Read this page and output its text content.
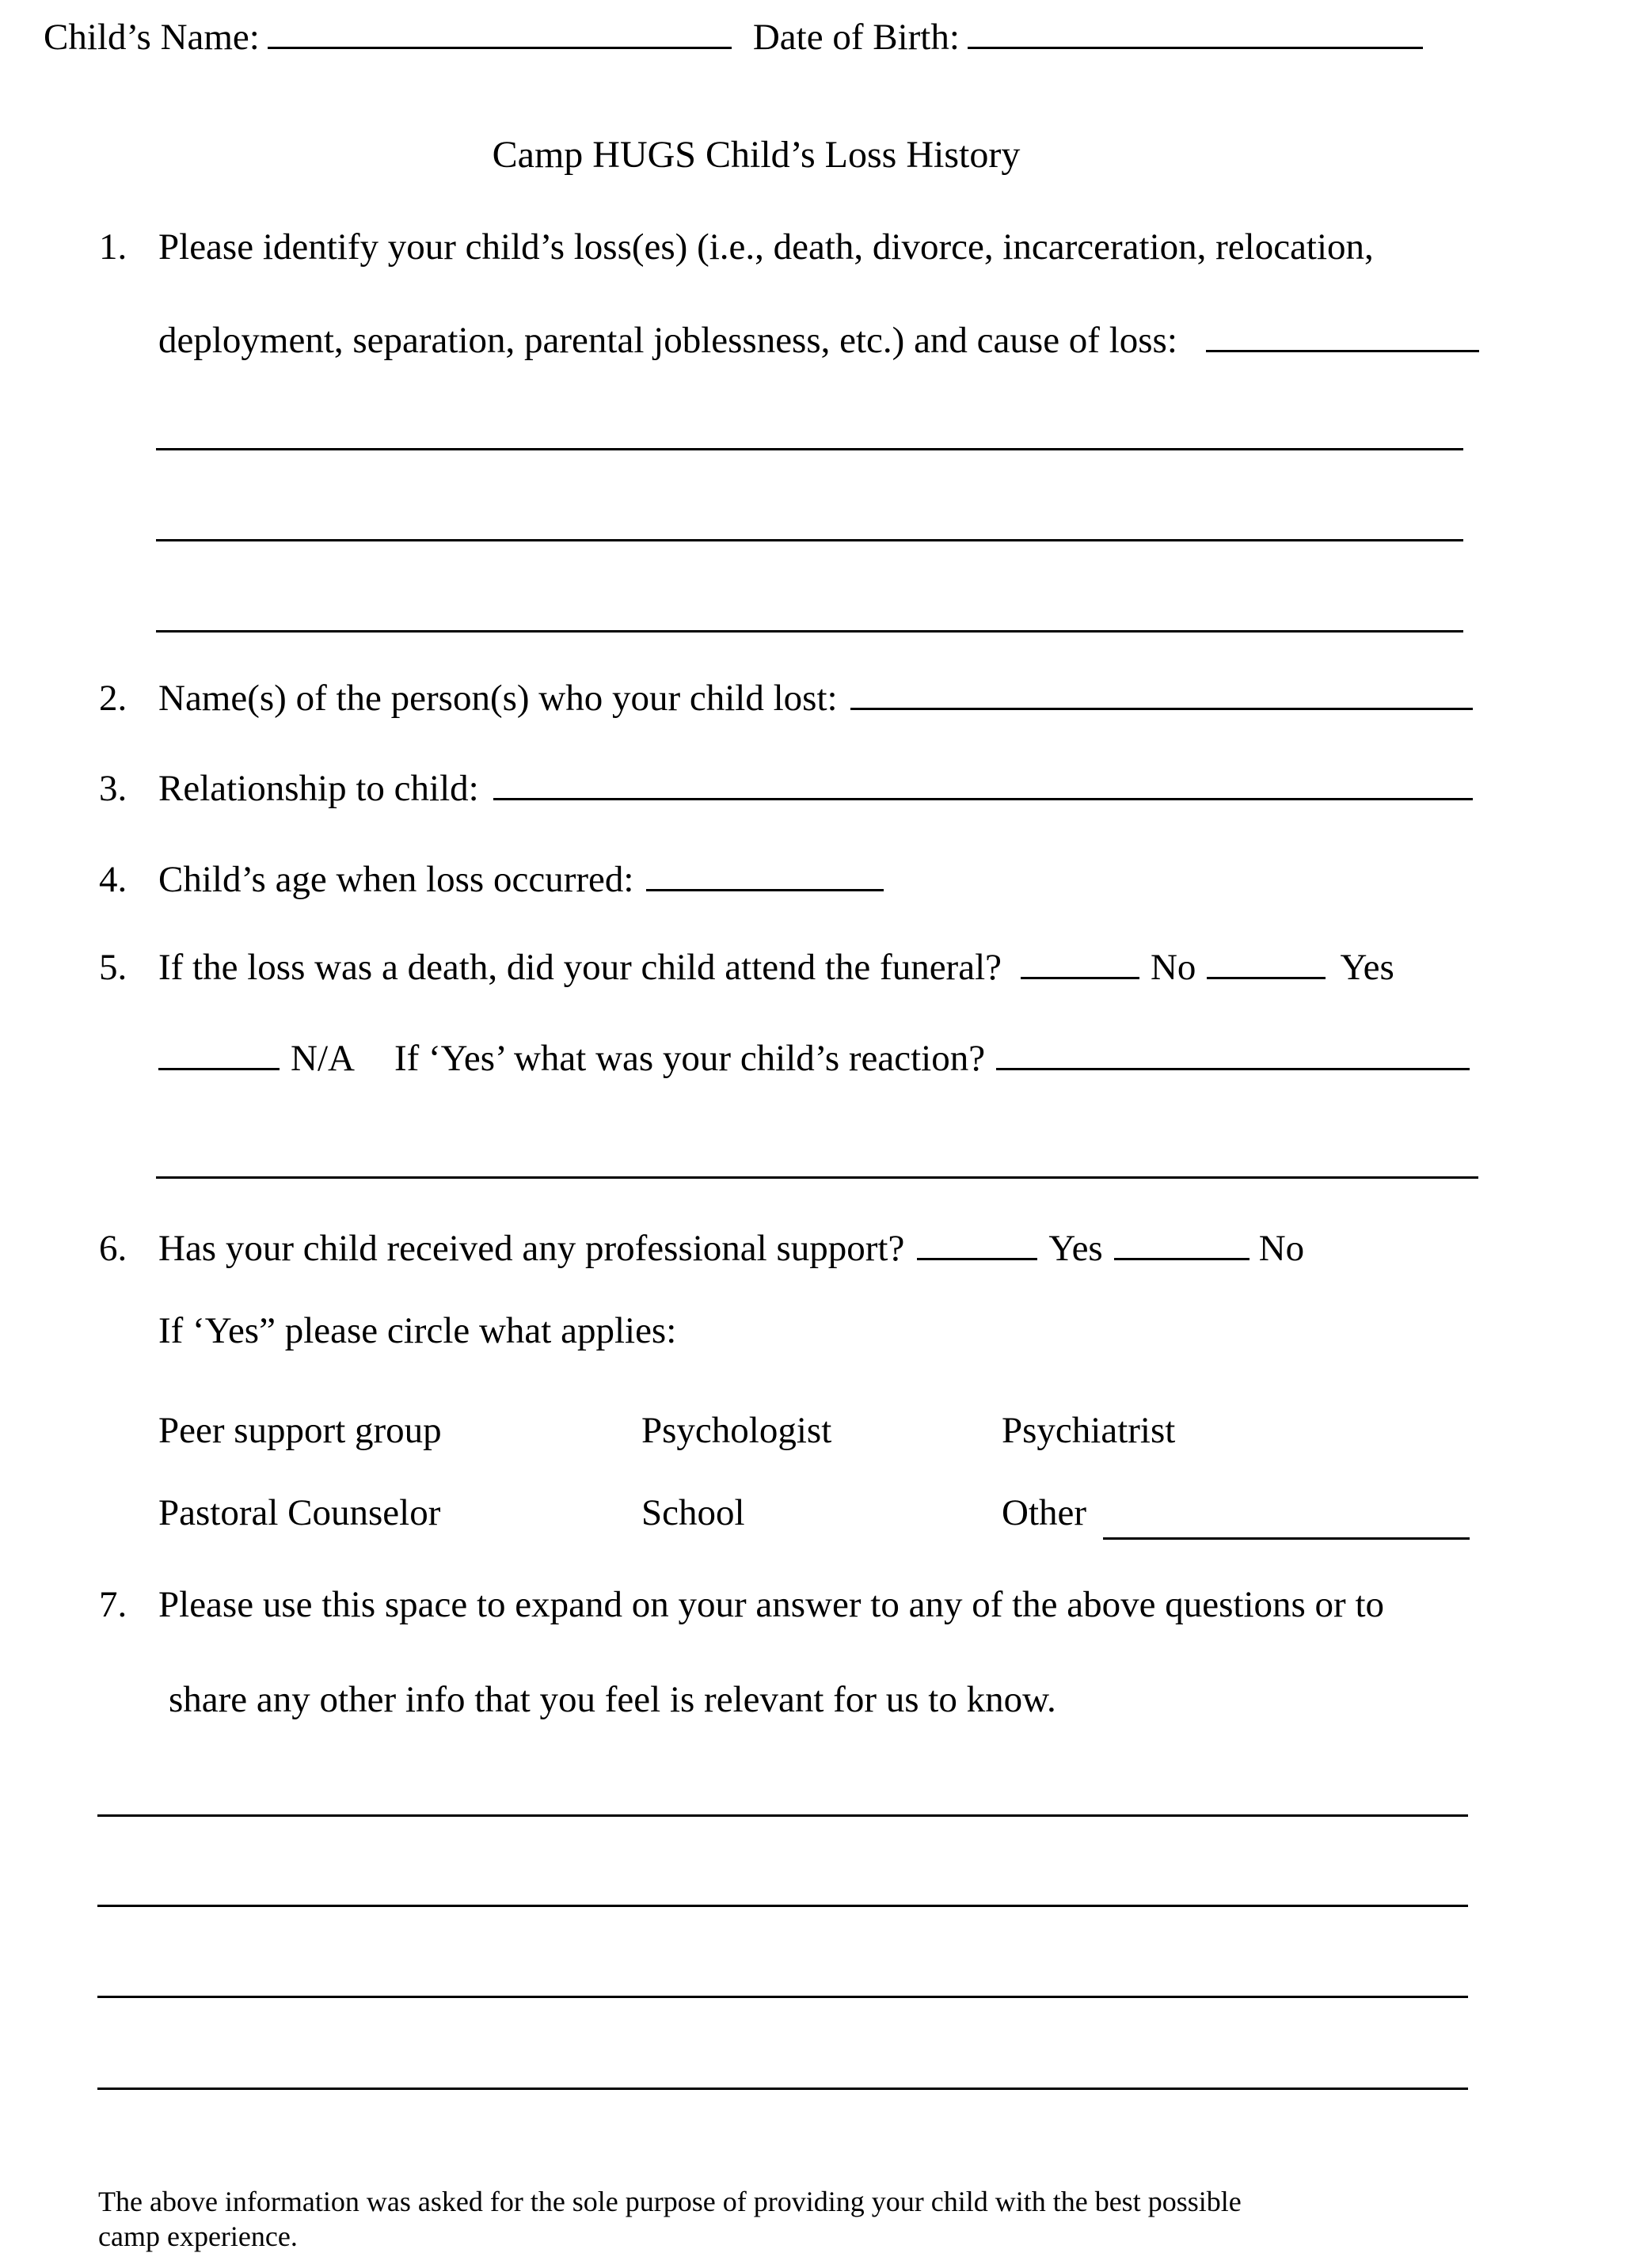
Child’s Name:	Date of Birth:
Camp HUGS Child’s Loss History
1. Please identify your child’s loss(es) (i.e., death, divorce, incarceration, relocation,
deployment, separation, parental joblessness, etc.) and cause of loss:
2. Name(s) of the person(s) who your child lost:
3. Relationship to child:
4. Child’s age when loss occurred:
5. If the loss was a death, did your child attend the funeral?	No	Yes
N/A If ‘Yes’ what was your child’s reaction?
6. Has your child received any professional support?	Yes	No
If ‘Yes” please circle what applies:
Peer support group	Psychologist	Psychiatrist
Pastoral Counselor	School	Other
7. Please use this space to expand on your answer to any of the above questions or to
share any other info that you feel is relevant for us to know.
The above information was asked for the sole purpose of providing your child with the best possible
camp experience.
